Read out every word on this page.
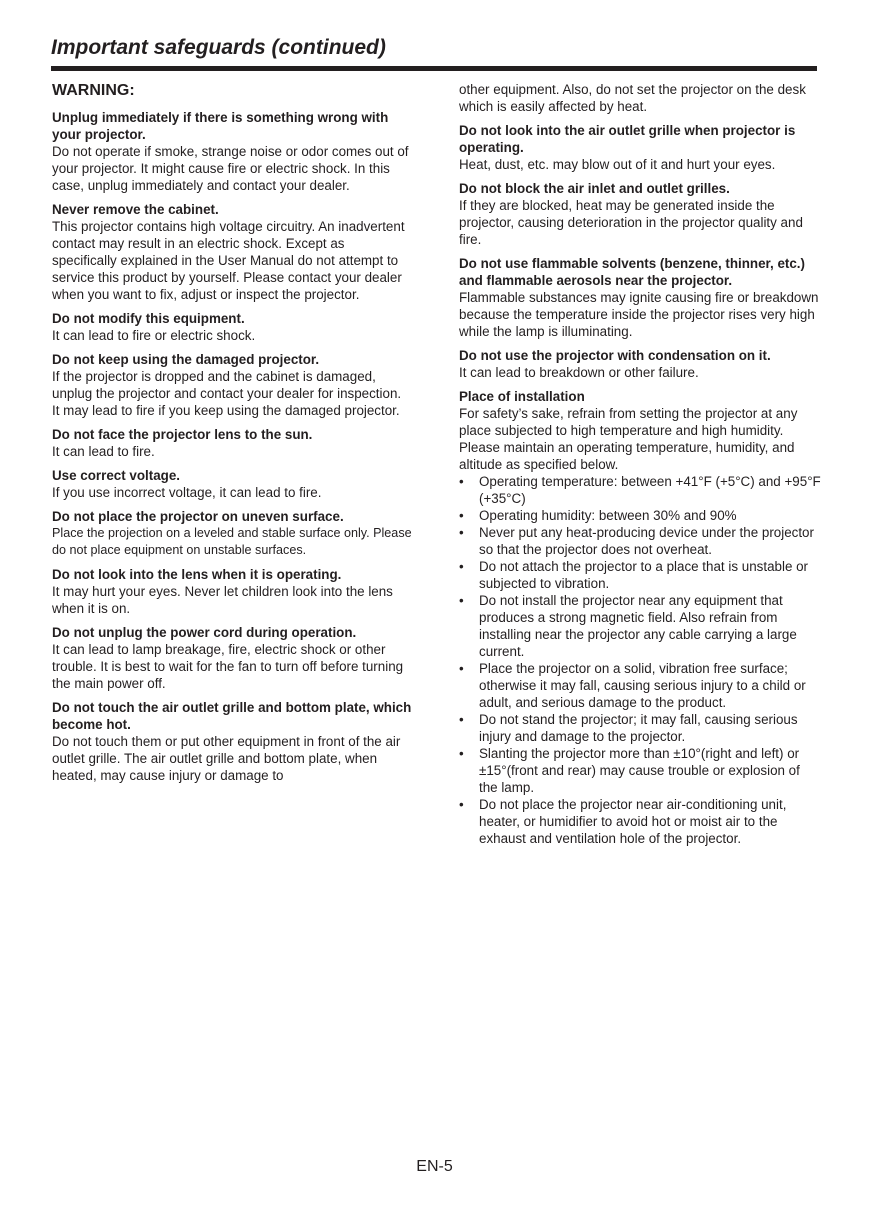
Important safeguards (continued)
WARNING:

Unplug immediately if there is something wrong with your projector.

Do not operate if smoke, strange noise or odor comes out of your projector. It might cause fire or electric shock. In this case, unplug immediately and contact your dealer.

Never remove the cabinet.

This projector contains high voltage circuitry. An inadvertent contact may result in an electric shock. Except as specifically explained in the User Manual do not attempt to service this product by yourself. Please contact your dealer when you want to fix, adjust or inspect the projector.

Do not modify this equipment.

It can lead to fire or electric shock.

Do not keep using the damaged projector.

If the projector is dropped and the cabinet is damaged, unplug the projector and contact your dealer for inspection. It may lead to fire if you keep using the damaged projector.

Do not face the projector lens to the sun.

It can lead to fire.

Use correct voltage.

If you use incorrect voltage, it can lead to fire.

Do not place the projector on uneven surface.

Place the projection on a leveled and stable surface only. Please do not place equipment on unstable surfaces.

Do not look into the lens when it is operating.

It may hurt your eyes. Never let children look into the lens when it is on.

Do not unplug the power cord during operation.

It can lead to lamp breakage, fire, electric shock or other trouble. It is best to wait for the fan to turn off before turning the main power off.

Do not touch the air outlet grille and bottom plate, which become hot.

Do not touch them or put other equipment in front of the air outlet grille. The air outlet grille and bottom plate, when heated, may cause injury or damage to

other equipment. Also, do not set the projector on the desk which is easily affected by heat.

Do not look into the air outlet grille when projector is operating.

Heat, dust, etc. may blow out of it and hurt your eyes.

Do not block the air inlet and outlet grilles.

If they are blocked, heat may be generated inside the projector, causing deterioration in the projector quality and fire.

Do not use flammable solvents (benzene, thinner, etc.) and flammable aerosols near the projector.

Flammable substances may ignite causing fire or breakdown because the temperature inside the projector rises very high while the lamp is illuminating.

Do not use the projector with condensation on it.

It can lead to breakdown or other failure.

Place of installation

For safety’s sake, refrain from setting the projector at any place subjected to high temperature and high humidity. Please maintain an operating temperature, humidity, and altitude as specified below.

• Operating temperature: between +41°F (+5°C) and +95°F (+35°C)
• Operating humidity: between 30% and 90%
• Never put any heat-producing device under the projector so that the projector does not overheat.
• Do not attach the projector to a place that is unstable or subjected to vibration.
• Do not install the projector near any equipment that produces a strong magnetic field. Also refrain from installing near the projector any cable carrying a large current.
• Place the projector on a solid, vibration free surface; otherwise it may fall, causing serious injury to a child or adult, and serious damage to the product.
• Do not stand the projector; it may fall, causing serious injury and damage to the projector.
• Slanting the projector more than ±10°(right and left) or ±15°(front and rear) may cause trouble or explosion of the lamp.
• Do not place the projector near air-conditioning unit, heater, or humidifier to avoid hot or moist air to the exhaust and ventilation hole of the projector.
EN-5
